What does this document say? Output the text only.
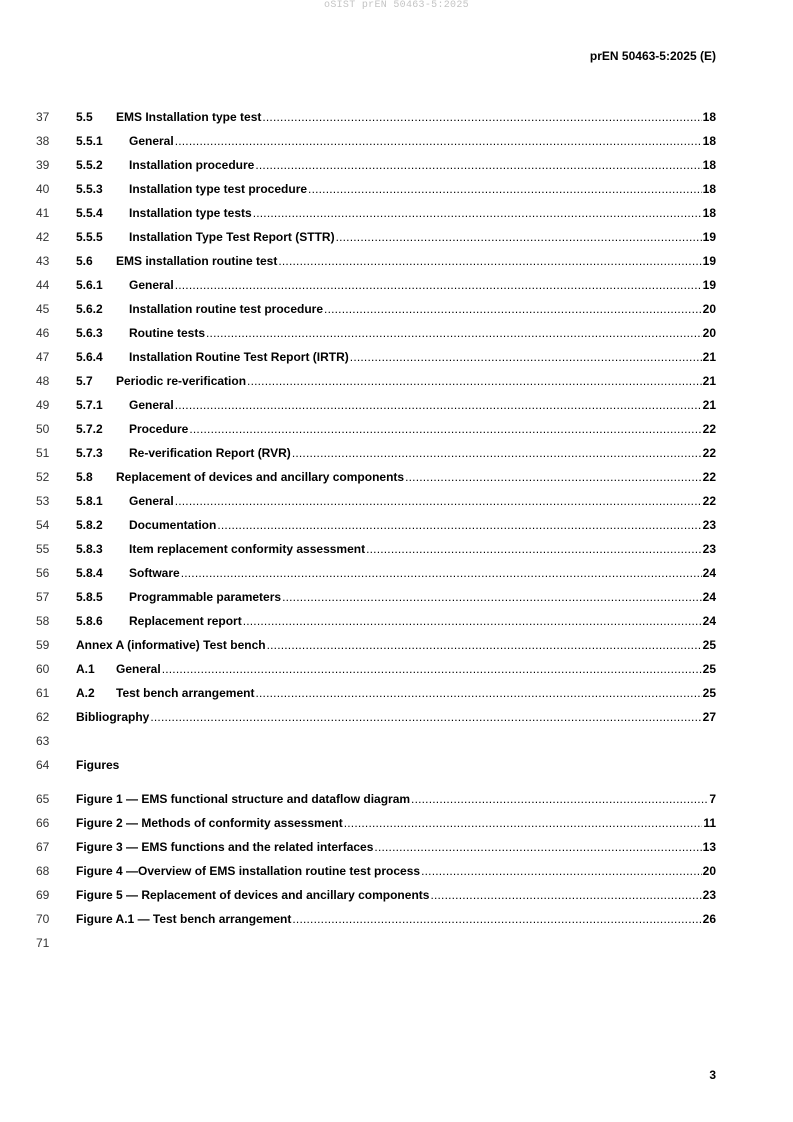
oSIST prEN 50463-5:2025
prEN 50463-5:2025 (E)
37	5.5	EMS Installation type test .....	18
38	5.5.1	General .....	18
39	5.5.2	Installation procedure .....	18
40	5.5.3	Installation type test procedure .....	18
41	5.5.4	Installation type tests .....	18
42	5.5.5	Installation Type Test Report (STTR) .....	19
43	5.6	EMS installation routine test .....	19
44	5.6.1	General .....	19
45	5.6.2	Installation routine test procedure .....	20
46	5.6.3	Routine tests .....	20
47	5.6.4	Installation Routine Test Report (IRTR) .....	21
48	5.7	Periodic re-verification .....	21
49	5.7.1	General .....	21
50	5.7.2	Procedure .....	22
51	5.7.3	Re-verification Report (RVR) .....	22
52	5.8	Replacement of devices and ancillary components .....	22
53	5.8.1	General .....	22
54	5.8.2	Documentation .....	23
55	5.8.3	Item replacement conformity assessment .....	23
56	5.8.4	Software .....	24
57	5.8.5	Programmable parameters .....	24
58	5.8.6	Replacement report .....	24
59	Annex A (informative) Test bench .....	25
60	A.1	General .....	25
61	A.2	Test bench arrangement .....	25
62	Bibliography .....	27
63
64	Figures
65	Figure 1 — EMS functional structure and dataflow diagram .....	7
66	Figure 2 — Methods of conformity assessment .....	11
67	Figure 3 — EMS functions and the related interfaces .....	13
68	Figure 4 —Overview of EMS installation routine test process .....	20
69	Figure 5 — Replacement of devices and ancillary components .....	23
70	Figure A.1 — Test bench arrangement .....	26
71
3
